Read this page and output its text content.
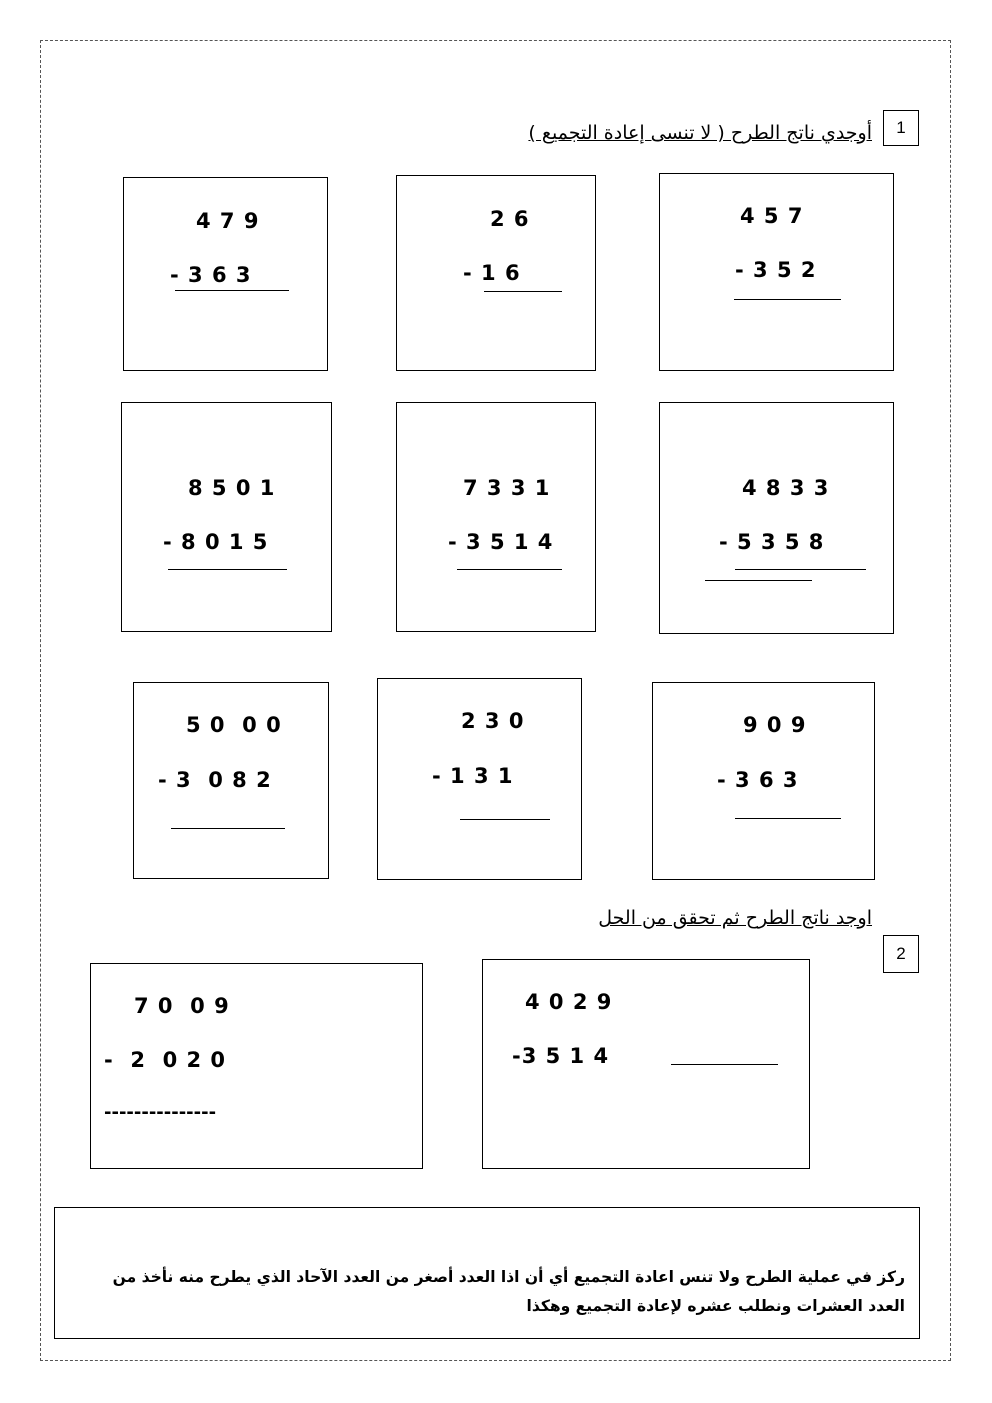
1
أوجدي ناتج الطرح ( لا تنسى إعادة التجميع )
4 7 9
- 3 6 3
2 6
- 1 6
4 5 7
- 3 5 2
8 5 0 1
- 8 0 1 5
7 3 3 1
- 3 5 1 4
4 8 3 3
- 5 3 5 8
5 0  0 0
- 3  0 8 2
2 3 0
- 1 3 1
9 0 9
- 3 6 3
اوجد ناتج الطرح ثم تحقق من الحل
2
7 0  0 9
-  2  0 2 0
---------------
4 0 2 9
-3 5 1 4
ركز في عملية الطرح ولا تنس اعادة التجميع أي أن اذا العدد أصغر من العدد الآحاد الذي يطرح منه نأخذ من العدد العشرات ونطلب عشره لإعادة التجميع وهكذا
